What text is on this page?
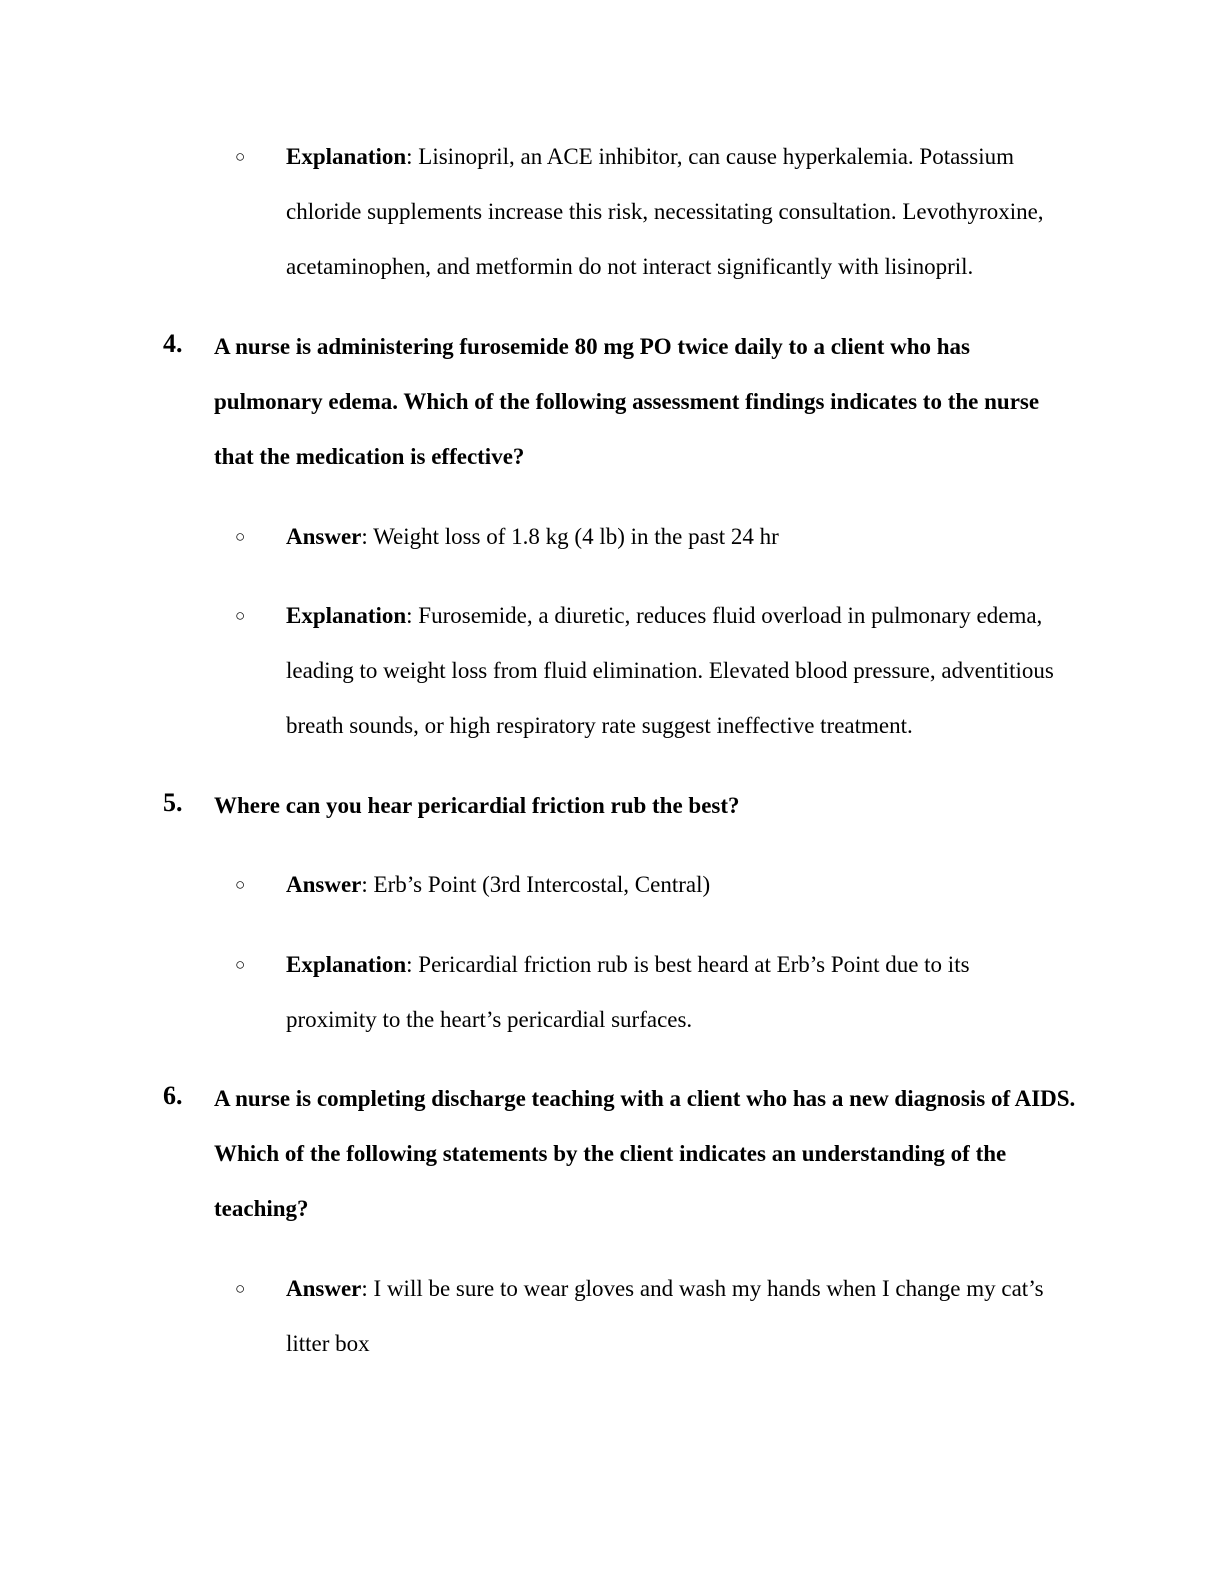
○ Explanation: Lisinopril, an ACE inhibitor, can cause hyperkalemia. Potassium chloride supplements increase this risk, necessitating consultation. Levothyroxine, acetaminophen, and metformin do not interact significantly with lisinopril.
4. A nurse is administering furosemide 80 mg PO twice daily to a client who has pulmonary edema. Which of the following assessment findings indicates to the nurse that the medication is effective?
○ Answer: Weight loss of 1.8 kg (4 lb) in the past 24 hr
○ Explanation: Furosemide, a diuretic, reduces fluid overload in pulmonary edema, leading to weight loss from fluid elimination. Elevated blood pressure, adventitious breath sounds, or high respiratory rate suggest ineffective treatment.
5. Where can you hear pericardial friction rub the best?
○ Answer: Erb’s Point (3rd Intercostal, Central)
○ Explanation: Pericardial friction rub is best heard at Erb’s Point due to its proximity to the heart’s pericardial surfaces.
6. A nurse is completing discharge teaching with a client who has a new diagnosis of AIDS. Which of the following statements by the client indicates an understanding of the teaching?
○ Answer: I will be sure to wear gloves and wash my hands when I change my cat’s litter box
